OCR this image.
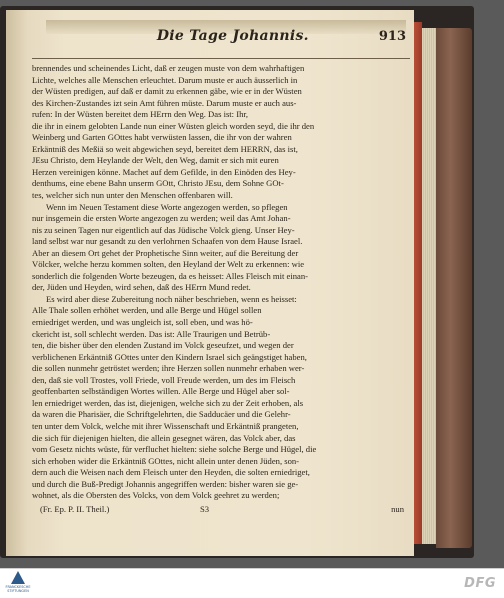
Die Tage Johannis.	913
brennendes und scheinendes Licht, daß er zeugen muste von dem wahrhaftigen
Lichte, welches alle Menschen erleuchtet. Darum muste er auch äusserlich in
der Wüsten predigen, auf daß er damit zu erkennen gäbe, wie er in der Wüsten
des Kirchen-Zustandes izt sein Amt führen müste. Darum muste er auch aus-
rufen: In der Wüsten bereitet dem HErrn den Weg. Das ist: Ihr,
die ihr in einem gelobten Lande nun einer Wüsten gleich worden seyd, die ihr den
Weinberg und Garten GOttes habt verwüsten lassen, die ihr von der wahren
Erkäntniß des Meßiä so weit abgewichen seyd, bereitet dem HERRN, das ist,
JEsu Christo, dem Heylande der Welt, den Weg, damit er sich mit euren
Herzen vereinigen könne. Machet auf dem Gefilde, in den Einöden des Hey-
denthums, eine ebene Bahn unserm GOtt, Christo JEsu, dem Sohne GOt-
tes, welcher sich nun unter den Menschen offenbaren will.
Wenn im Neuen Testament diese Worte angezogen werden, so pflegen
nur insgemein die ersten Worte angezogen zu werden; weil das Amt Johan-
nis zu seinen Tagen nur eigentlich auf das Jüdische Volck gieng. Unser Hey-
land selbst war nur gesandt zu den verlohrnen Schaafen von dem Hause Israel.
Aber an diesem Ort gehet der Prophetische Sinn weiter, auf die Bereitung der
Völcker, welche herzu kommen solten, den Heyland der Welt zu erkennen: wie
sonderlich die folgenden Worte bezeugen, da es heisset: Alles Fleisch mit einan-
der, Jüden und Heyden, wird sehen, daß des HErrn Mund redet.
Es wird aber diese Zubereitung noch näher beschrieben, wenn es heisset:
Alle Thale sollen erhöhet werden, und alle Berge und Hügel sollen
erniedriget werden, und was ungleich ist, soll eben, und was hö-
ckericht ist, soll schlecht werden. Das ist: Alle Traurigen und Betrüb-
ten, die bisher über den elenden Zustand im Volck geseufzet, und wegen der
verblichenen Erkäntniß GOttes unter den Kindern Israel sich geängstiget haben,
die sollen nunmehr getröstet werden; ihre Herzen sollen nunmehr erhaben wer-
den, daß sie voll Trostes, voll Friede, voll Freude werden, um des im Fleisch
geoffenbarten selbständigen Wortes willen. Alle Berge und Hügel aber sol-
len erniedriget werden, das ist, diejenigen, welche sich zu der Zeit erhoben, als
da waren die Pharisäer, die Schriftgelehrten, die Sadducäer und die Gelehr-
ten unter dem Volck, welche mit ihrer Wissenschaft und Erkäntniß prangeten,
die sich für diejenigen hielten, die allein gesegnet wären, das Volck aber, das
vom Gesetz nichts wüste, für verfluchet hielten: siehe solche Berge und Hügel, die
sich erhoben wider die Erkäntniß GOttes, nicht allein unter denen Jüden, son-
dern auch die Weisen nach dem Fleisch unter den Heyden, die solten erniedriget,
und durch die Buß-Predigt Johannis angegriffen werden: bisher waren sie ge-
wohnet, als die Obersten des Volcks, von dem Volck geehret zu werden;
(Fr. Ep. P. II. Theil.)	S3	nun
FRANCKESCHE STIFTUNGEN	DFG
